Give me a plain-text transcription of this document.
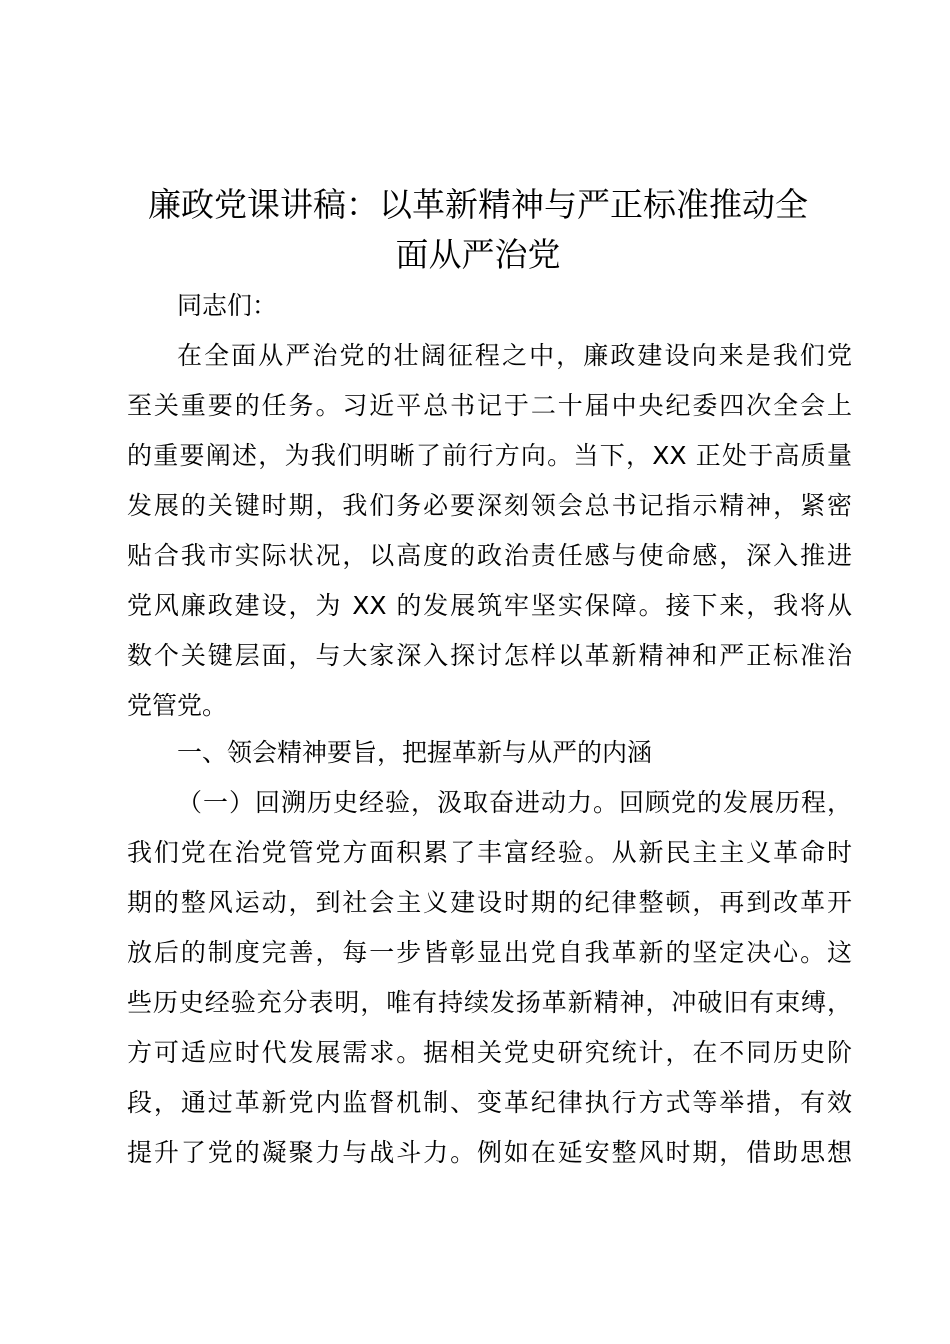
廉政党课讲稿：以革新精神与严正标准推动全
面从严治党
同志们：
在全面从严治党的壮阔征程之中，廉政建设向来是我们党
至关重要的任务。习近平总书记于二十届中央纪委四次全会上
的重要阐述，为我们明晰了前行方向。当下，XX 正处于高质量
发展的关键时期，我们务必要深刻领会总书记指示精神，紧密
贴合我市实际状况，以高度的政治责任感与使命感，深入推进
党风廉政建设，为 XX 的发展筑牢坚实保障。接下来，我将从
数个关键层面，与大家深入探讨怎样以革新精神和严正标准治
党管党。
一、领会精神要旨，把握革新与从严的内涵
（一）回溯历史经验，汲取奋进动力。回顾党的发展历程，
我们党在治党管党方面积累了丰富经验。从新民主主义革命时
期的整风运动，到社会主义建设时期的纪律整顿，再到改革开
放后的制度完善，每一步皆彰显出党自我革新的坚定决心。这
些历史经验充分表明，唯有持续发扬革新精神，冲破旧有束缚，
方可适应时代发展需求。据相关党史研究统计，在不同历史阶
段，通过革新党内监督机制、变革纪律执行方式等举措，有效
提升了党的凝聚力与战斗力。例如在延安整风时期，借助思想
